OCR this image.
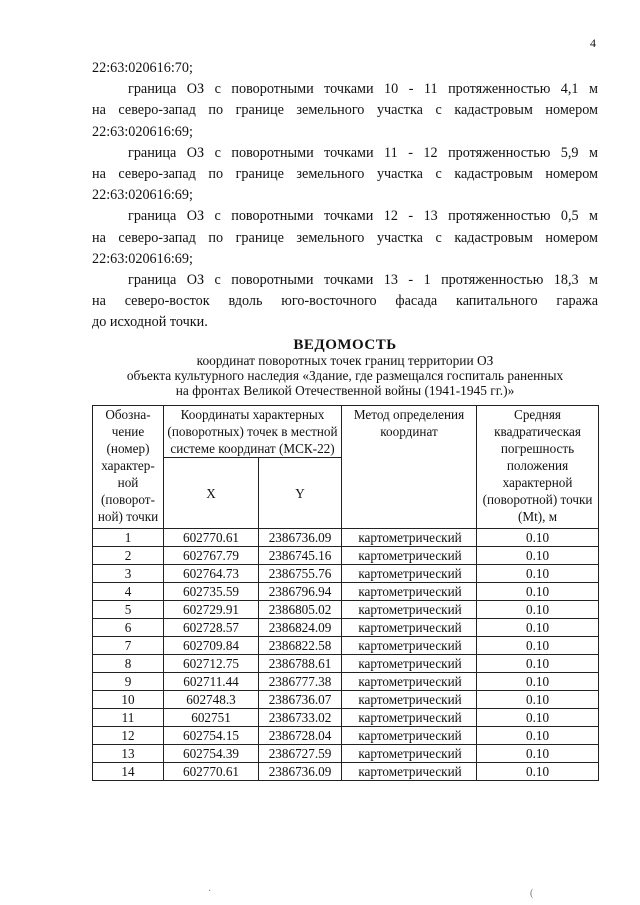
4
22:63:020616:70;
граница ОЗ с поворотными точками 10 - 11 протяженностью 4,1 м
на северо-запад по границе земельного участка с кадастровым номером
22:63:020616:69;
граница ОЗ с поворотными точками 11 - 12 протяженностью 5,9 м
на северо-запад по границе земельного участка с кадастровым номером
22:63:020616:69;
граница ОЗ с поворотными точками 12 - 13 протяженностью 0,5 м
на северо-запад по границе земельного участка с кадастровым номером
22:63:020616:69;
граница ОЗ с поворотными точками 13 - 1 протяженностью 18,3 м
на северо-восток вдоль юго-восточного фасада капитального гаража
до исходной точки.
ВЕДОМОСТЬ
координат поворотных точек границ территории ОЗ
объекта культурного наследия «Здание, где размещался госпиталь раненных
на фронтах Великой Отечественной войны (1941-1945 гг.)»
Обозна-чение (номер) характер-ной (поворот-ной) точки	Координаты характерных (поворотных) точек в местной системе координат (МСК-22)		Метод определения координат	Средняя квадратическая погрешность положения характерной (поворотной) точки (Mt), м
	X	Y		
1	602770.61	2386736.09	картометрический	0.10
2	602767.79	2386745.16	картометрический	0.10
3	602764.73	2386755.76	картометрический	0.10
4	602735.59	2386796.94	картометрический	0.10
5	602729.91	2386805.02	картометрический	0.10
6	602728.57	2386824.09	картометрический	0.10
7	602709.84	2386822.58	картометрический	0.10
8	602712.75	2386788.61	картометрический	0.10
9	602711.44	2386777.38	картометрический	0.10
10	602748.3	2386736.07	картометрический	0.10
11	602751	2386733.02	картометрический	0.10
12	602754.15	2386728.04	картометрический	0.10
13	602754.39	2386727.59	картометрический	0.10
14	602770.61	2386736.09	картометрический	0.10
·	(
